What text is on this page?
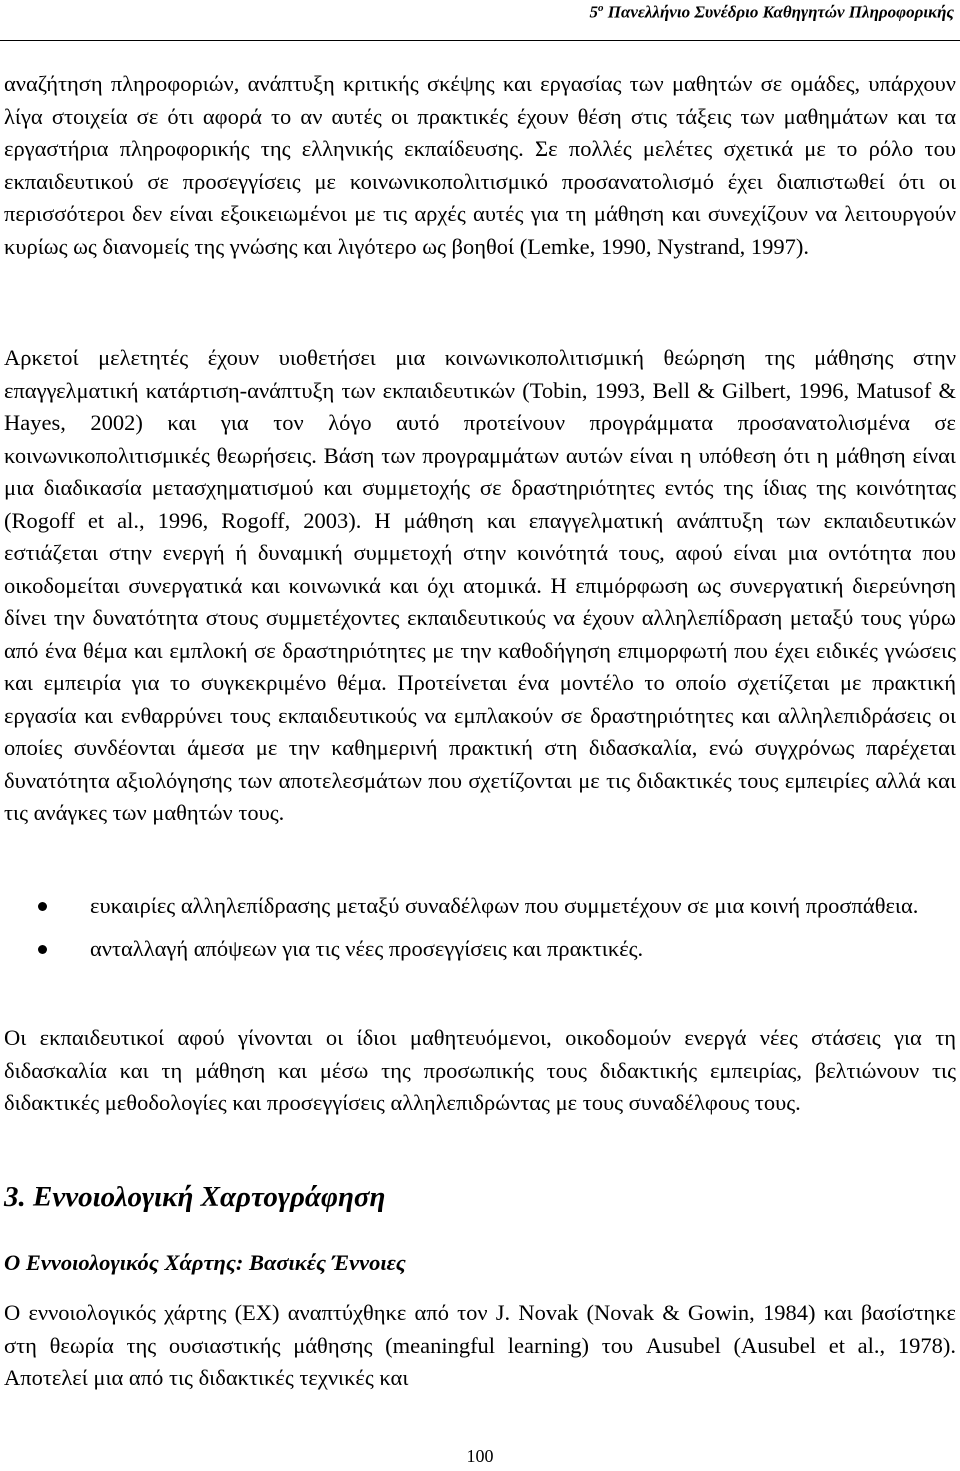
$5^o$ Πανελλήνιο Συνέδριο Καθηγητών Πληροφορικής
αναζήτηση πληροφοριών, ανάπτυξη κριτικής σκέψης και εργασίας των μαθητών σε ομάδες, υπάρχουν λίγα στοιχεία σε ότι αφορά το αν αυτές οι πρακτικές έχουν θέση στις τάξεις των μαθημάτων και τα εργαστήρια πληροφορικής της ελληνικής εκπαίδευσης. Σε πολλές μελέτες σχετικά με το ρόλο του εκπαιδευτικού σε προσεγγίσεις με κοινωνικοπολιτισμικό προσανατολισμό έχει διαπιστωθεί ότι οι περισσότεροι δεν είναι εξοικειωμένοι με τις αρχές αυτές για τη μάθηση και συνεχίζουν να λειτουργούν κυρίως ως διανομείς της γνώσης και λιγότερο ως βοηθοί (Lemke, 1990, Nystrand, 1997).
Αρκετοί μελετητές έχουν υιοθετήσει μια κοινωνικοπολιτισμική θεώρηση της μάθησης στην επαγγελματική κατάρτιση-ανάπτυξη των εκπαιδευτικών (Tobin, 1993, Bell & Gilbert, 1996, Matusof & Hayes, 2002) και για τον λόγο αυτό προτείνουν προγράμματα προσανατολισμένα σε κοινωνικοπολιτισμικές θεωρήσεις. Βάση των προγραμμάτων αυτών είναι η υπόθεση ότι η μάθηση είναι μια διαδικασία μετασχηματισμού και συμμετοχής σε δραστηριότητες εντός της ίδιας της κοινότητας (Rogoff et al., 1996, Rogoff, 2003). Η μάθηση και επαγγελματική ανάπτυξη των εκπαιδευτικών εστιάζεται στην ενεργή ή δυναμική συμμετοχή στην κοινότητά τους, αφού είναι μια οντότητα που οικοδομείται συνεργατικά και κοινωνικά και όχι ατομικά. Η επιμόρφωση ως συνεργατική διερεύνηση δίνει την δυνατότητα στους συμμετέχοντες εκπαιδευτικούς να έχουν αλληλεπίδραση μεταξύ τους γύρω από ένα θέμα και εμπλοκή σε δραστηριότητες με την καθοδήγηση επιμορφωτή που έχει ειδικές γνώσεις και εμπειρία για το συγκεκριμένο θέμα. Προτείνεται ένα μοντέλο το οποίο σχετίζεται με πρακτική εργασία και ενθαρρύνει τους εκπαιδευτικούς να εμπλακούν σε δραστηριότητες και αλληλεπιδράσεις οι οποίες συνδέονται άμεσα με την καθημερινή πρακτική στη διδασκαλία, ενώ συγχρόνως παρέχεται δυνατότητα αξιολόγησης των αποτελεσμάτων που σχετίζονται με τις διδακτικές τους εμπειρίες αλλά και τις ανάγκες των μαθητών τους.
ευκαιρίες αλληλεπίδρασης μεταξύ συναδέλφων που συμμετέχουν σε μια κοινή προσπάθεια.
ανταλλαγή απόψεων για τις νέες προσεγγίσεις και πρακτικές.
Οι εκπαιδευτικοί αφού γίνονται οι ίδιοι μαθητευόμενοι, οικοδομούν ενεργά νέες στάσεις για τη διδασκαλία και τη μάθηση και μέσω της προσωπικής τους διδακτικής εμπειρίας, βελτιώνουν τις διδακτικές μεθοδολογίες και προσεγγίσεις αλληλεπιδρώντας με τους συναδέλφους τους.
3. Εννοιολογική Χαρτογράφηση
Ο Εννοιολογικός Χάρτης: Βασικές Έννοιες
Ο εννοιολογικός χάρτης (ΕΧ) αναπτύχθηκε από τον J. Novak (Novak & Gowin, 1984) και βασίστηκε στη θεωρία της ουσιαστικής μάθησης (meaningful learning) του Ausubel (Ausubel et al., 1978). Αποτελεί μια από τις διδακτικές τεχνικές και
100
